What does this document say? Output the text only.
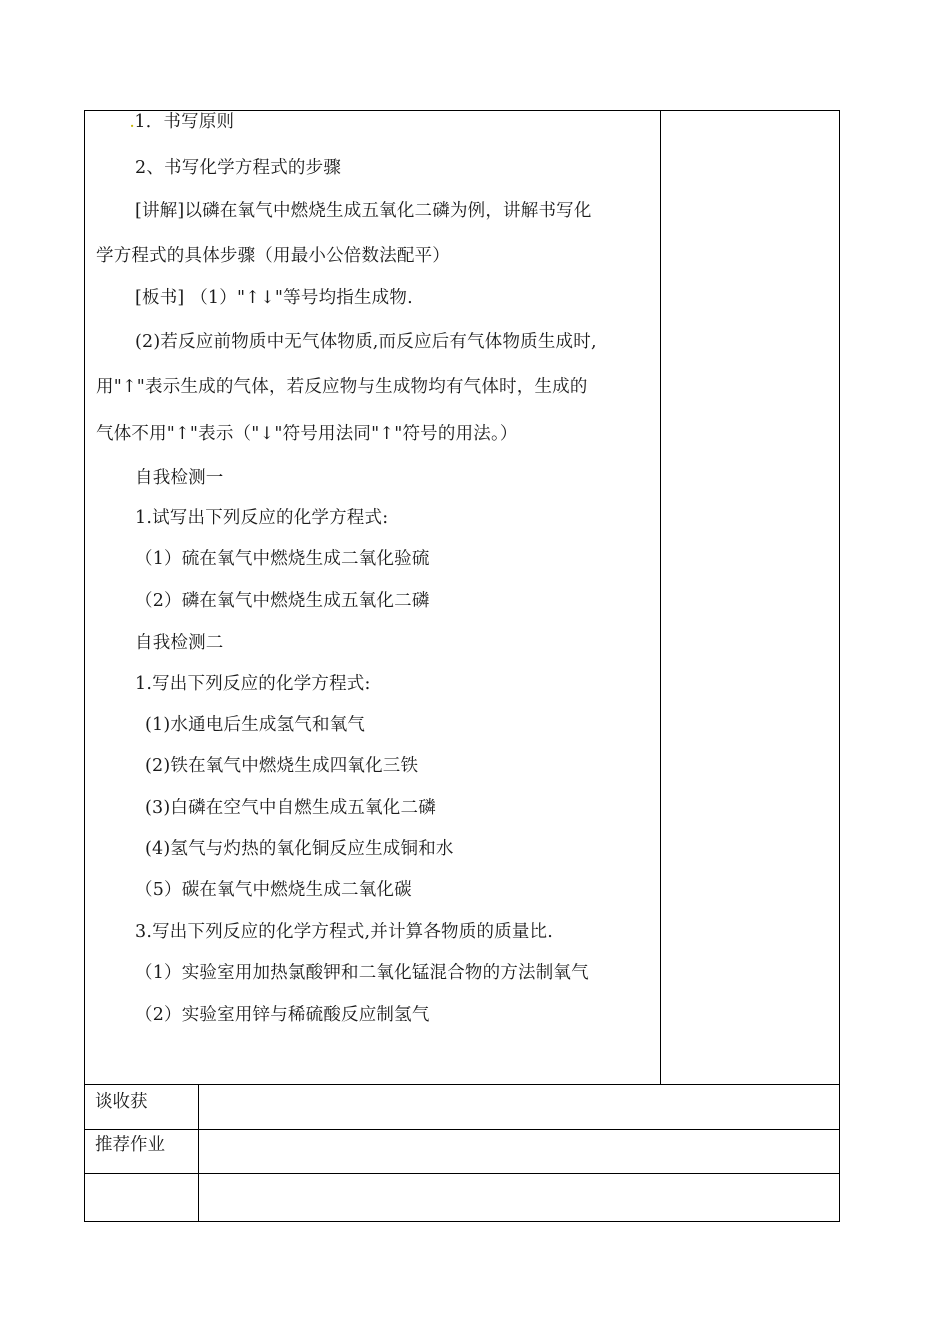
.1．书写原则
2、书写化学方程式的步骤
[讲解]以磷在氧气中燃烧生成五氧化二磷为例，讲解书写化
学方程式的具体步骤（用最小公倍数法配平）
[板书] （1）"↑↓"等号均指生成物.
(2)若反应前物质中无气体物质,而反应后有气体物质生成时,
用"↑"表示生成的气体，若反应物与生成物均有气体时，生成的
气体不用"↑"表示（"↓"符号用法同"↑"符号的用法。）
自我检测一
1.试写出下列反应的化学方程式:
（1）硫在氧气中燃烧生成二氧化验硫
（2）磷在氧气中燃烧生成五氧化二磷
自我检测二
1.写出下列反应的化学方程式:
(1)水通电后生成氢气和氧气
(2)铁在氧气中燃烧生成四氧化三铁
(3)白磷在空气中自燃生成五氧化二磷
(4)氢气与灼热的氧化铜反应生成铜和水
（5）碳在氧气中燃烧生成二氧化碳
3.写出下列反应的化学方程式,并计算各物质的质量比.
（1）实验室用加热氯酸钾和二氧化锰混合物的方法制氧气
（2）实验室用锌与稀硫酸反应制氢气
谈收获
推荐作业
